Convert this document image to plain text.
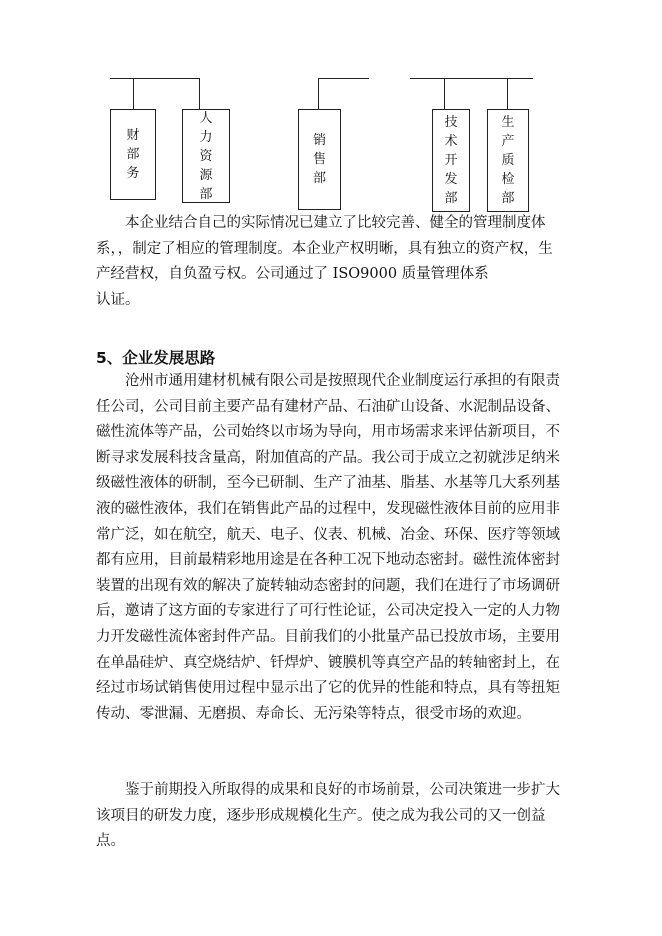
财
部
务
人
力
资
源
部
销
售
部
技
术
开
发
部
生
产
质
检
部

本企业结合自己的实际情况已建立了比较完善、健全的管理制度体系，，制定了相应的管理制度。本企业产权明晰，具有独立的资产权，生产经营权，自负盈亏权。公司通过了 ISO9000 质量管理体系

认证。

5、企业发展思路

沧州市通用建材机械有限公司是按照现代企业制度运行承担的有限责任公司，公司目前主要产品有建材产品、石油矿山设备、水泥制品设备、磁性流体等产品，公司始终以市场为导向，用市场需求来评估新项目，不断寻求发展科技含量高，附加值高的产品。我公司于成立之初就涉足纳米级磁性液体的研制，至今已研制、生产了油基、脂基、水基等几大系列基液的磁性液体，我们在销售此产品的过程中，发现磁性液体目前的应用非常广泛，如在航空，航天、电子、仪表、机械、冶金、环保、医疗等领域都有应用，目前最精彩地用途是在各种工况下地动态密封。磁性流体密封装置的出现有效的解决了旋转轴动态密封的问题，我们在进行了市场调研后，邀请了这方面的专家进行了可行性论证，公司决定投入一定的人力物力开发磁性流体密封件产品。目前我们的小批量产品已投放市场，主要用在单晶硅炉、真空烧结炉、钎焊炉、镀膜机等真空产品的转轴密封上，在经过市场试销售使用过程中显示出了它的优异的性能和特点，具有等扭矩传动、零泄漏、无磨损、寿命长、无污染等特点，很受市场的欢迎。

鉴于前期投入所取得的成果和良好的市场前景，公司决策进一步扩大该项目的研发力度，逐步形成规模化生产。使之成为我公司的又一创益点。
